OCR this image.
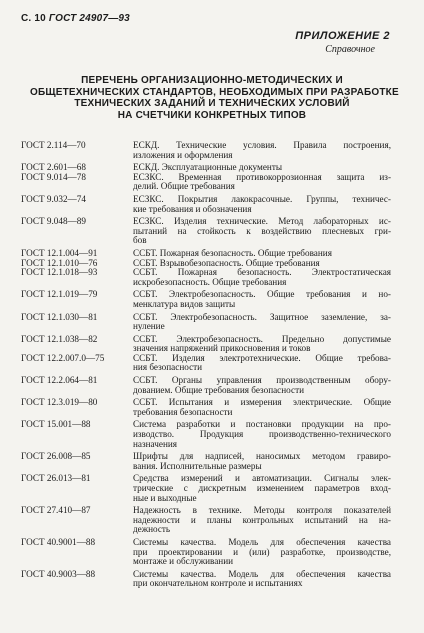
С. 10 ГОСТ 24907—93
ПРИЛОЖЕНИЕ 2
Справочное
ПЕРЕЧЕНЬ ОРГАНИЗАЦИОННО-МЕТОДИЧЕСКИХ И
ОБЩЕТЕХНИЧЕСКИХ СТАНДАРТОВ, НЕОБХОДИМЫХ ПРИ РАЗРАБОТКЕ
ТЕХНИЧЕСКИХ ЗАДАНИЙ И ТЕХНИЧЕСКИХ УСЛОВИЙ
НА СЧЕТЧИКИ КОНКРЕТНЫХ ТИПОВ
ГОСТ 2.114—70	ЕСКД. Технические условия. Правила построения,
изложения и оформления
ГОСТ 2.601—68	ЕСКД. Эксплуатационные документы
ГОСТ 9.014—78	ЕСЗКС. Временная противокоррозионная защита из-
делий. Общие требования
ГОСТ 9.032—74	ЕСЗКС. Покрытия лакокрасочные. Группы, техничес-
кие требования и обозначения
ГОСТ 9.048—89	ЕСЗКС. Изделия технические. Метод лабораторных ис-
пытаний на стойкость к воздействию плесневых гри-
бов
ГОСТ 12.1.004—91	ССБТ. Пожарная безопасность. Общие требования
ГОСТ 12.1.010—76	ССБТ. Взрывобезопасность. Общие требования
ГОСТ 12.1.018—93	ССБТ. Пожарная безопасность. Электростатическая
искробезопасность. Общие требования
ГОСТ 12.1.019—79	ССБТ. Электробезопасность. Общие требования и но-
менклатура видов защиты
ГОСТ 12.1.030—81	ССБТ. Электробезопасность. Защитное заземление, за-
нуление
ГОСТ 12.1.038—82	ССБТ. Электробезопасность. Предельно допустимые
значения напряжений прикосновения и токов
ГОСТ 12.2.007.0—75	ССБТ. Изделия электротехнические. Общие требова-
ния безопасности
ГОСТ 12.2.064—81	ССБТ. Органы управления производственным обору-
дованием. Общие требования безопасности
ГОСТ 12.3.019—80	ССБТ. Испытания и измерения электрические. Общие
требования безопасности
ГОСТ 15.001—88	Система разработки и постановки продукции на про-
изводство. Продукция производственно-технического
назначения
ГОСТ 26.008—85	Шрифты для надписей, наносимых методом гравиро-
вания. Исполнительные размеры
ГОСТ 26.013—81	Средства измерений и автоматизации. Сигналы элек-
трические с дискретным изменением параметров вход-
ные и выходные
ГОСТ 27.410—87	Надежность в технике. Методы контроля показателей
надежности и планы контрольных испытаний на на-
дежность
ГОСТ 40.9001—88	Системы качества. Модель для обеспечения качества
при проектировании и (или) разработке, производстве,
монтаже и обслуживании
ГОСТ 40.9003—88	Системы качества. Модель для обеспечения качества
при окончательном контроле и испытаниях
